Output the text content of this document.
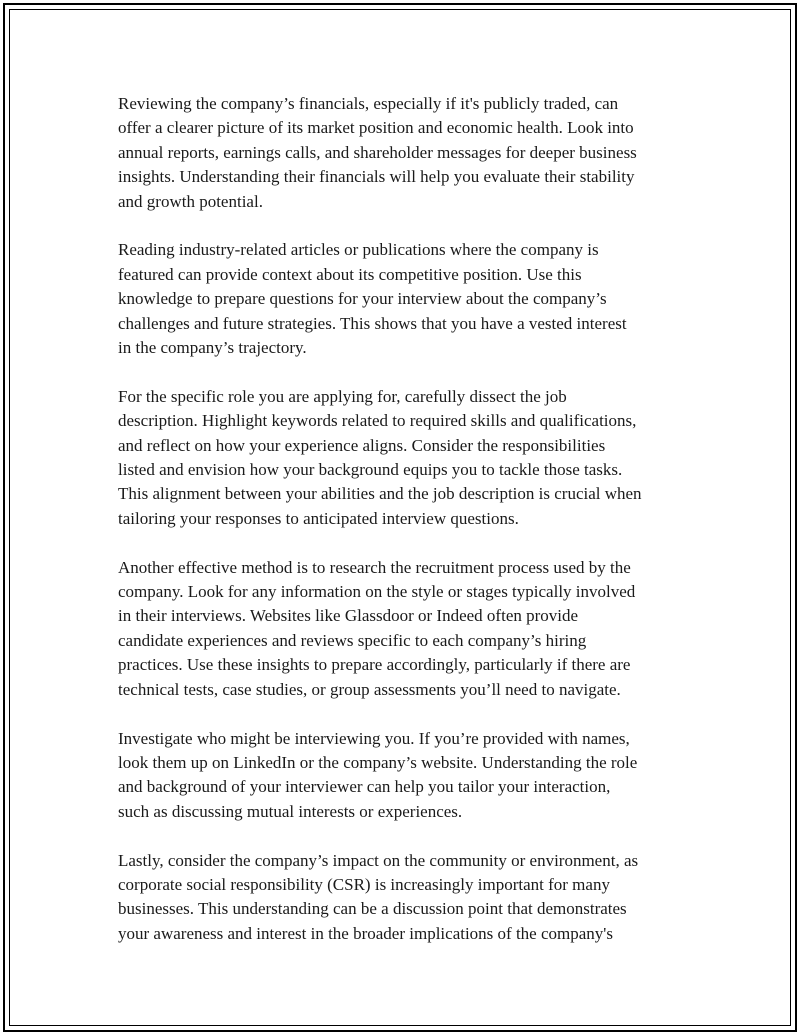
Reviewing the company’s financials, especially if it's publicly traded, can
offer a clearer picture of its market position and economic health. Look into
annual reports, earnings calls, and shareholder messages for deeper business
insights. Understanding their financials will help you evaluate their stability
and growth potential.

Reading industry-related articles or publications where the company is
featured can provide context about its competitive position. Use this
knowledge to prepare questions for your interview about the company’s
challenges and future strategies. This shows that you have a vested interest
in the company’s trajectory.

For the specific role you are applying for, carefully dissect the job
description. Highlight keywords related to required skills and qualifications,
and reflect on how your experience aligns. Consider the responsibilities
listed and envision how your background equips you to tackle those tasks.
This alignment between your abilities and the job description is crucial when
tailoring your responses to anticipated interview questions.

Another effective method is to research the recruitment process used by the
company. Look for any information on the style or stages typically involved
in their interviews. Websites like Glassdoor or Indeed often provide
candidate experiences and reviews specific to each company’s hiring
practices. Use these insights to prepare accordingly, particularly if there are
technical tests, case studies, or group assessments you’ll need to navigate.

Investigate who might be interviewing you. If you’re provided with names,
look them up on LinkedIn or the company’s website. Understanding the role
and background of your interviewer can help you tailor your interaction,
such as discussing mutual interests or experiences.

Lastly, consider the company’s impact on the community or environment, as
corporate social responsibility (CSR) is increasingly important for many
businesses. This understanding can be a discussion point that demonstrates
your awareness and interest in the broader implications of the company's
